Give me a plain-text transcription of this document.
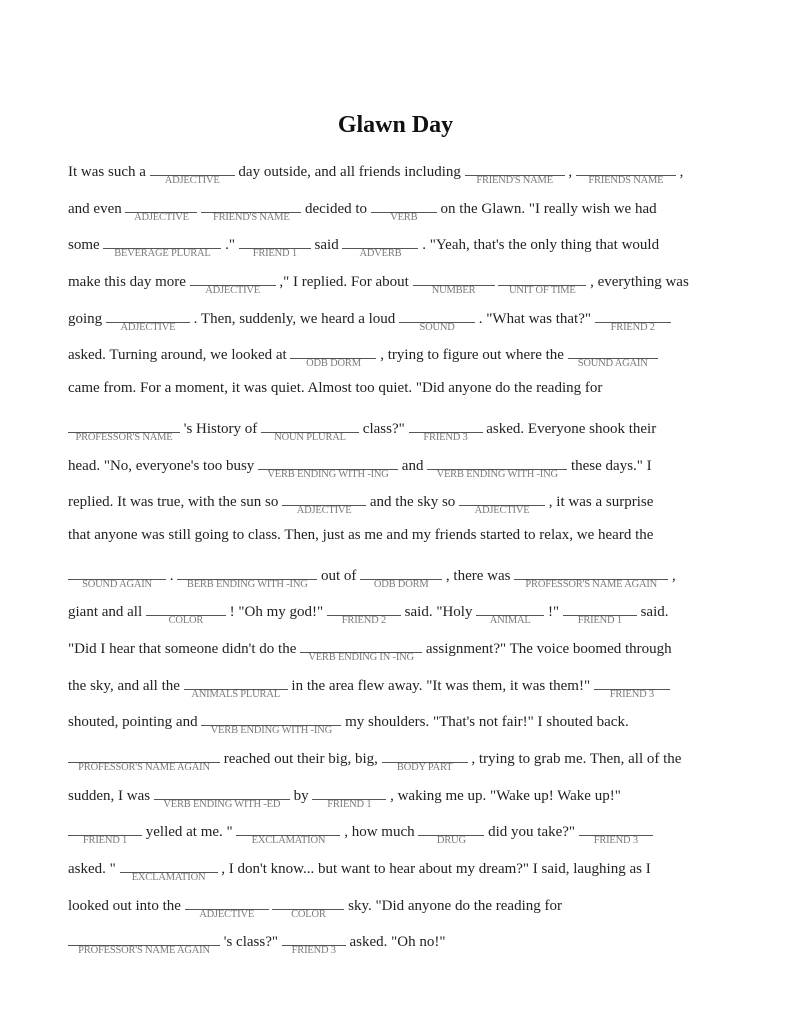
Glawn Day
It was such a
ADJECTIVE
day outside, and all friends including
FRIEND'S NAME
,
FRIENDS NAME
,
and even
ADJECTIVE
	FRIEND'S NAME
decided to
VERB
on the Glawn. "I really wish we had
some
BEVERAGE PLURAL
."
FRIEND 1
said
ADVERB
. "Yeah, that's the only thing that would
make this day more
ADJECTIVE
," I replied. For about
NUMBER
	UNIT OF TIME
, everything was
going
ADJECTIVE
. Then, suddenly, we heard a loud
SOUND
. "What was that?"
FRIEND 2
asked. Turning around, we looked at
ODB DORM
, trying to figure out where the
SOUND AGAIN
came from. For a moment, it was quiet. Almost too quiet. "Did anyone do the reading for
PROFESSOR'S NAME
's History of
NOUN PLURAL
class?"
FRIEND 3
asked. Everyone shook their
head. "No, everyone's too busy
VERB ENDING WITH -ING
and
VERB ENDING WITH -ING
these days." I
replied. It was true, with the sun so
ADJECTIVE
and the sky so
ADJECTIVE
, it was a surprise
that anyone was still going to class. Then, just as me and my friends started to relax, we heard the
SOUND AGAIN
.
BERB ENDING WITH -ING
out of
ODB DORM
, there was
PROFESSOR'S NAME AGAIN
,
giant and all
COLOR
! "Oh my god!"
FRIEND 2
said. "Holy
ANIMAL
!"
FRIEND 1
said.
"Did I hear that someone didn't do the
VERB ENDING IN -ING
assignment?" The voice boomed through
the sky, and all the
ANIMALS PLURAL
in the area flew away. "It was them, it was them!"
FRIEND 3
shouted, pointing and
VERB ENDING WITH -ING
my shoulders. "That's not fair!" I shouted back.
PROFESSOR'S NAME AGAIN
reached out their big, big,
BODY PART
, trying to grab me. Then, all of the
sudden, I was
VERB ENDING WITH -ED
by
FRIEND 1
, waking me up. "Wake up! Wake up!"
FRIEND 1
yelled at me. "
EXCLAMATION
, how much
DRUG
did you take?"
FRIEND 3
asked. "
EXCLAMATION
, I don't know... but want to hear about my dream?" I said, laughing as I
looked out into the
ADJECTIVE
	COLOR
sky. "Did anyone do the reading for
PROFESSOR'S NAME AGAIN
's class?"
FRIEND 3
asked. "Oh no!"
